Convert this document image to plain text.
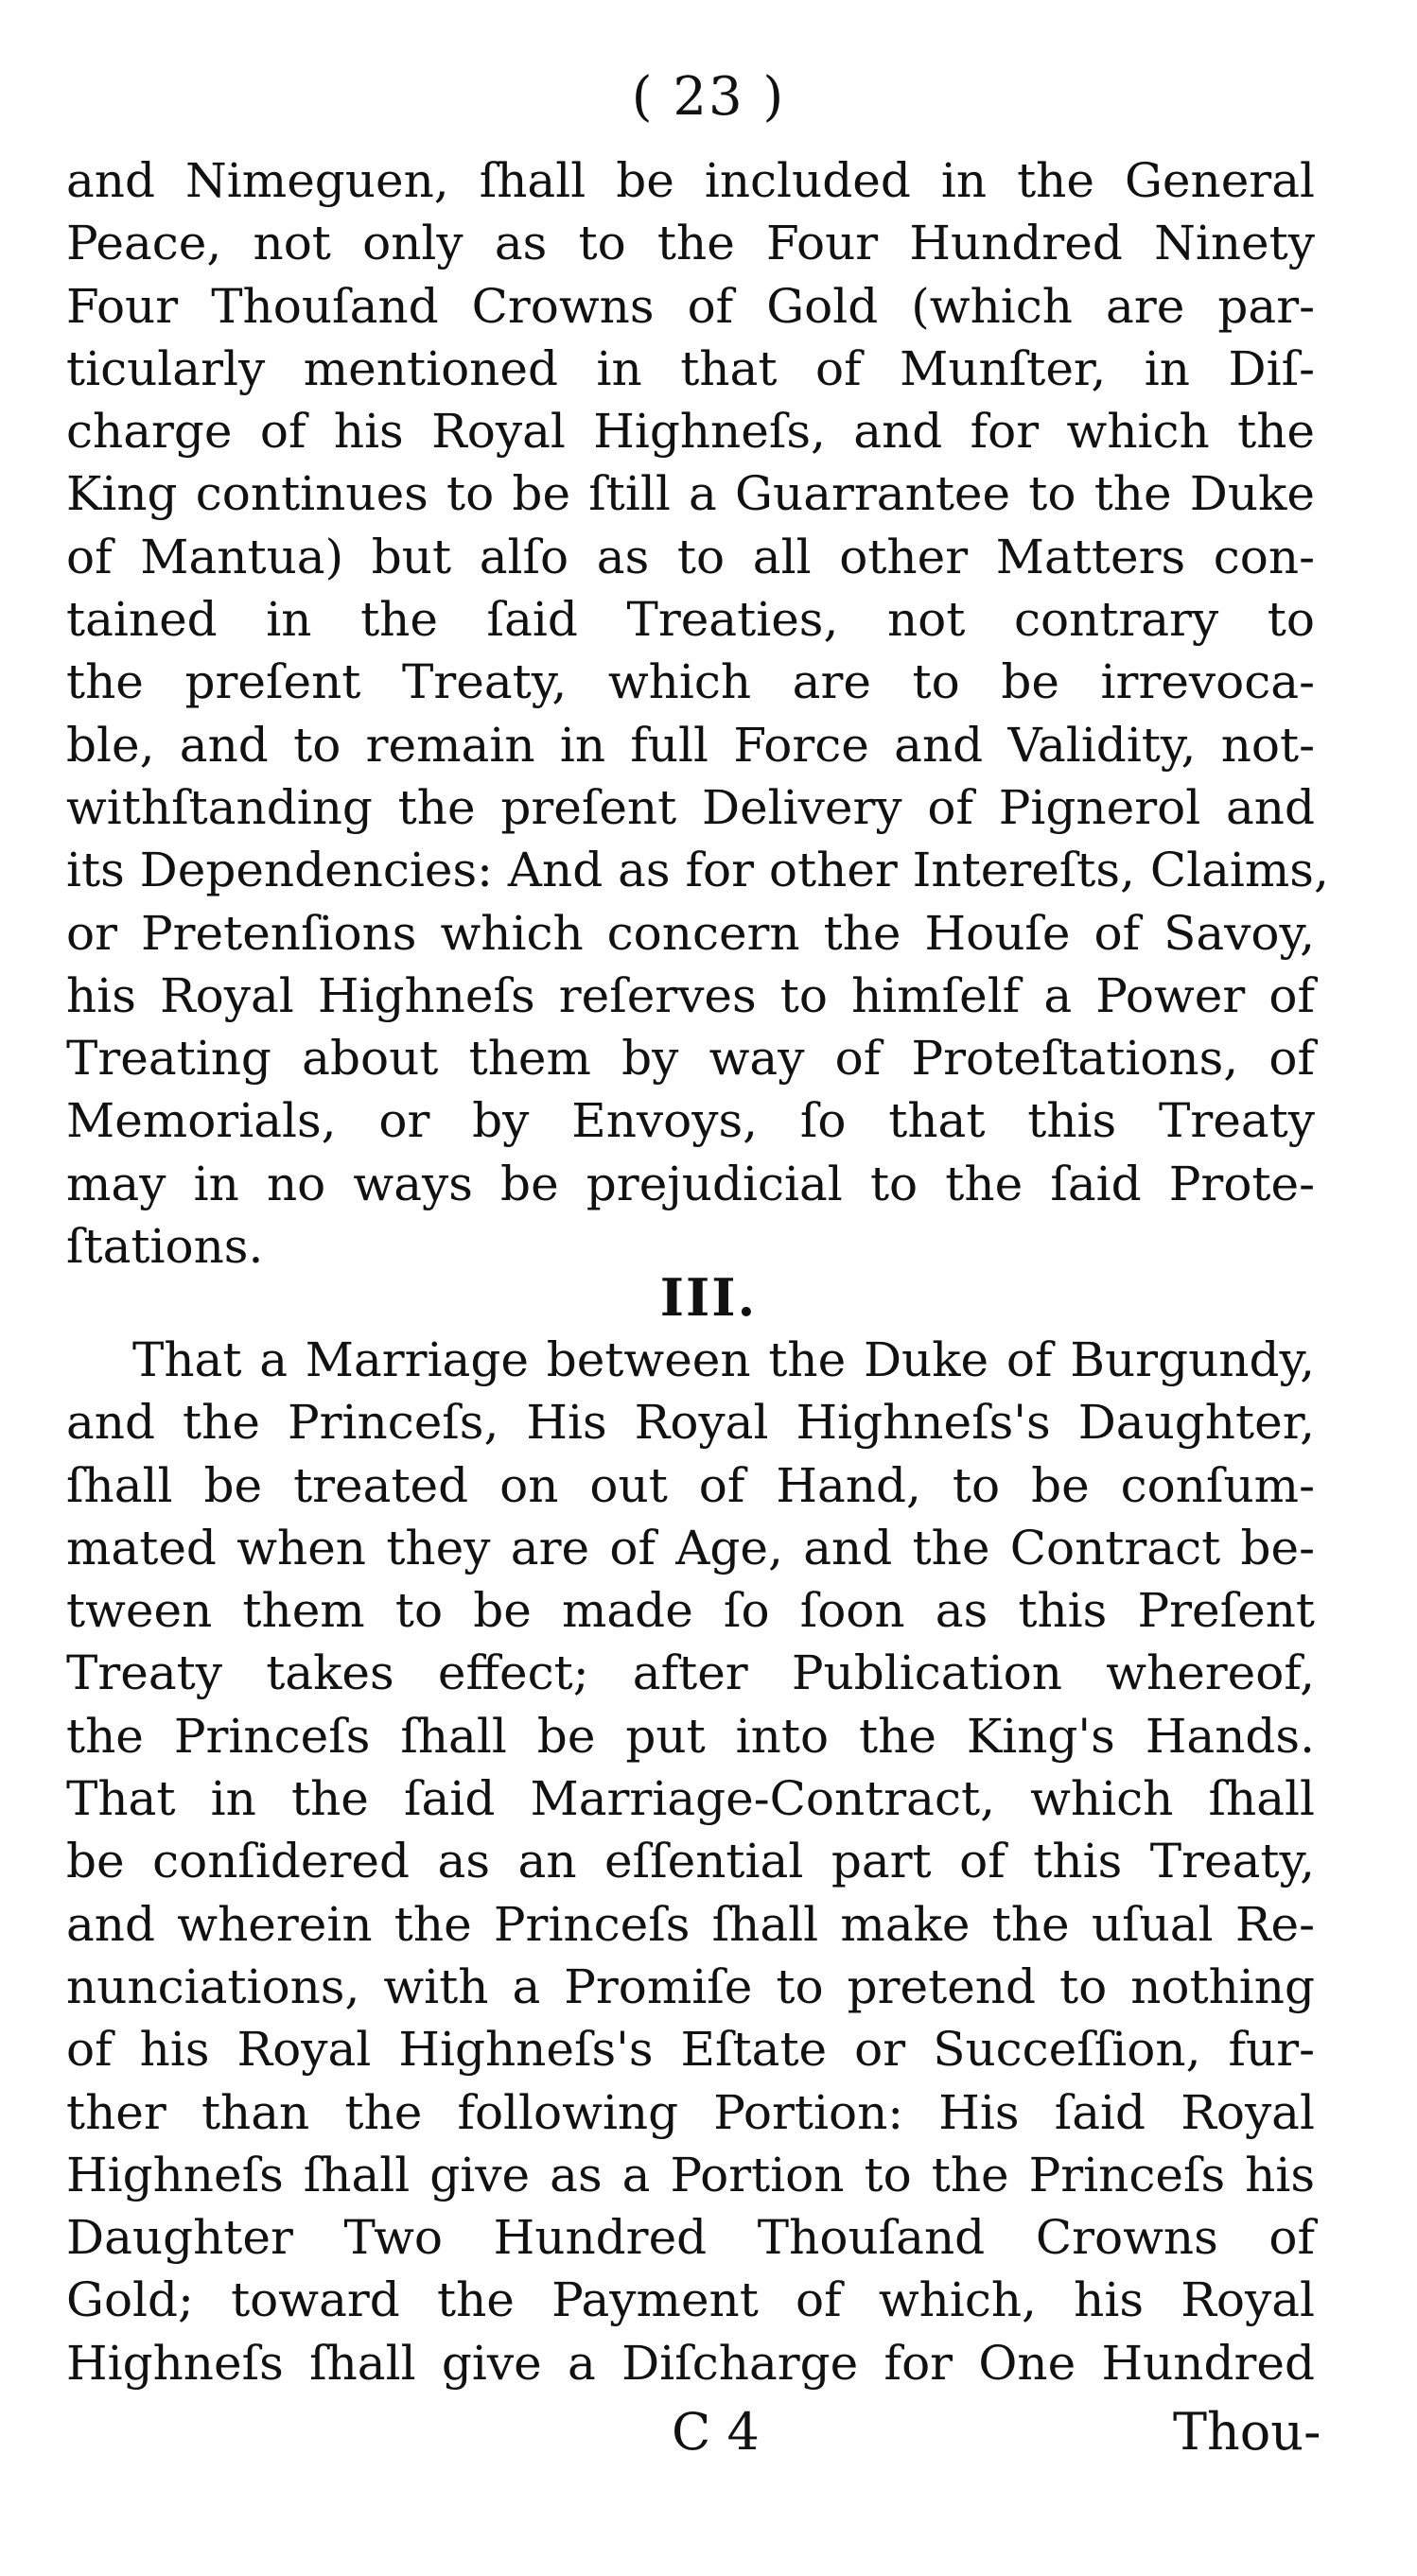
( 23 )
and Nimeguen, ſhall be included in the General
Peace, not only as to the Four Hundred Ninety
Four Thouſand Crowns of Gold (which are par-
ticularly mentioned in that of Munſter, in Diſ-
charge of his Royal Highneſs, and for which the
King continues to be ſtill a Guarrantee to the Duke
of Mantua) but alſo as to all other Matters con-
tained in the ſaid Treaties, not contrary to
the preſent Treaty, which are to be irrevoca-
ble, and to remain in full Force and Validity, not-
withſtanding the preſent Delivery of Pignerol and
its Dependencies: And as for other Intereſts, Claims,
or Pretenſions which concern the Houſe of Savoy,
his Royal Highneſs reſerves to himſelf a Power of
Treating about them by way of Proteſtations, of
Memorials, or by Envoys, ſo that this Treaty
may in no ways be prejudicial to the ſaid Prote-
ſtations.
III.
That a Marriage between the Duke of Burgundy,
and the Princeſs, His Royal Highneſs's Daughter,
ſhall be treated on out of Hand, to be conſum-
mated when they are of Age, and the Contract be-
tween them to be made ſo ſoon as this Preſent
Treaty takes effect; after Publication whereof,
the Princeſs ſhall be put into the King's Hands.
That in the ſaid Marriage-Contract, which ſhall
be conſidered as an eſſential part of this Treaty,
and wherein the Princeſs ſhall make the uſual Re-
nunciations, with a Promiſe to pretend to nothing
of his Royal Highneſs's Eſtate or Succeſſion, fur-
ther than the following Portion: His ſaid Royal
Highneſs ſhall give as a Portion to the Princeſs his
Daughter Two Hundred Thouſand Crowns of
Gold; toward the Payment of which, his Royal
Highneſs ſhall give a Diſcharge for One Hundred
C 4	Thou-
